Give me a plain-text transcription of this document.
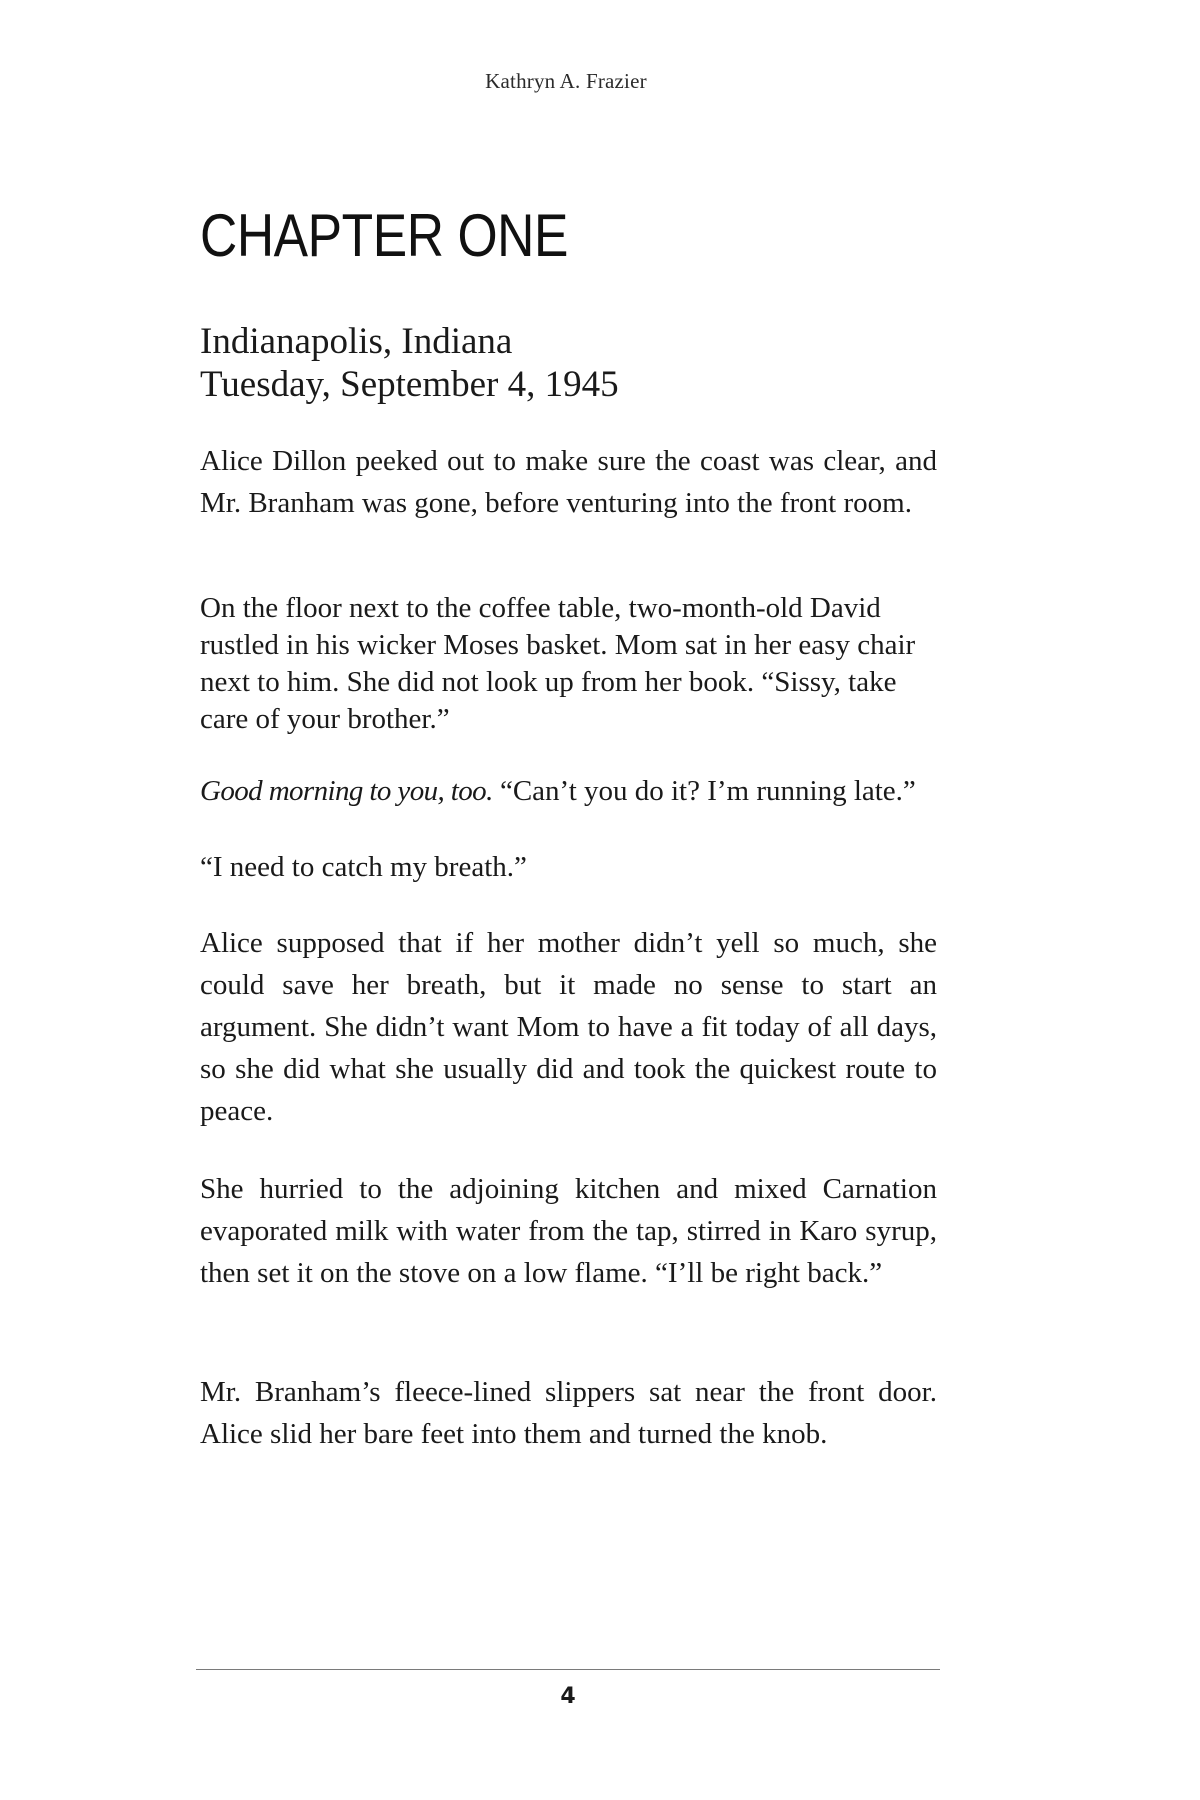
Kathryn A. Frazier
CHAPTER ONE
Indianapolis, Indiana
Tuesday, September 4, 1945

Alice Dillon peeked out to make sure the coast was clear, and Mr. Branham was gone, before venturing into the front room.

On the floor next to the coffee table, two-month-old David rustled in his wicker Moses basket. Mom sat in her easy chair next to him. She did not look up from her book. “Sissy, take care of your brother.”

Good morning to you, too. “Can’t you do it? I’m running late.”

“I need to catch my breath.”

Alice supposed that if her mother didn’t yell so much, she could save her breath, but it made no sense to start an argument. She didn’t want Mom to have a fit today of all days, so she did what she usually did and took the quickest route to peace.

She hurried to the adjoining kitchen and mixed Carnation evaporated milk with water from the tap, stirred in Karo syrup, then set it on the stove on a low flame. “I’ll be right back.”

Mr. Branham’s fleece-lined slippers sat near the front door. Alice slid her bare feet into them and turned the knob.

4
